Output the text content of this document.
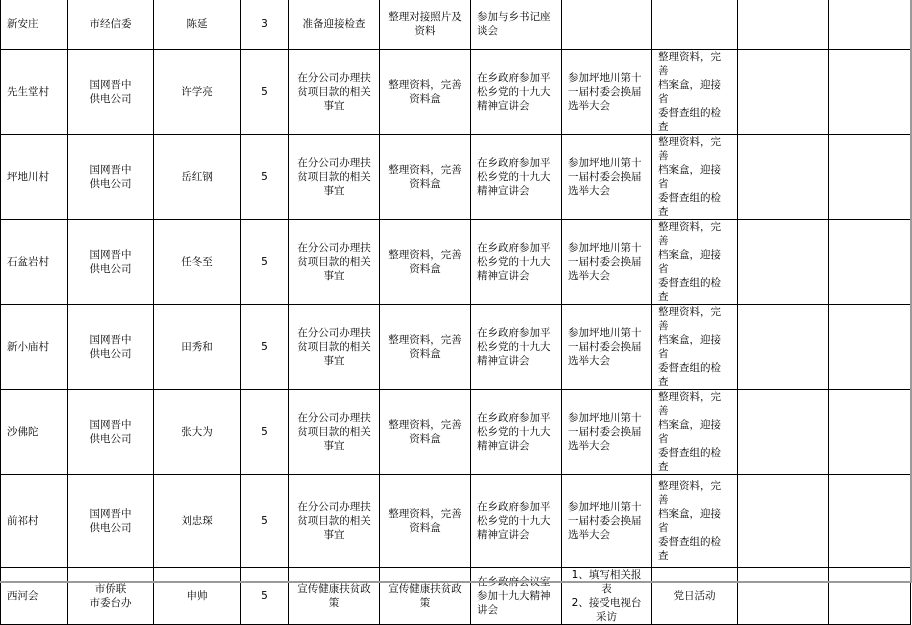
新安庄	市经信委	陈延	3	准备迎接检查	整理对接照片及
资料	参加与乡书记座
谈会				
先生堂村	国网晋中
供电公司	许学亮	5	在分公司办理扶
贫项目款的相关
事宜	整理资料，完善
资料盒	在乡政府参加平
松乡党的十九大
精神宣讲会	参加坪地川第十
一届村委会换届
选举大会	整理资料，完善
档案盒，迎接省
委督查组的检查		
坪地川村	国网晋中
供电公司	岳红钢	5	在分公司办理扶
贫项目款的相关
事宜	整理资料，完善
资料盒	在乡政府参加平
松乡党的十九大
精神宣讲会	参加坪地川第十
一届村委会换届
选举大会	整理资料，完善
档案盒，迎接省
委督查组的检查		
石盆岩村	国网晋中
供电公司	任冬至	5	在分公司办理扶
贫项目款的相关
事宜	整理资料，完善
资料盒	在乡政府参加平
松乡党的十九大
精神宣讲会	参加坪地川第十
一届村委会换届
选举大会	整理资料，完善
档案盒，迎接省
委督查组的检查		
新小庙村	国网晋中
供电公司	田秀和	5	在分公司办理扶
贫项目款的相关
事宜	整理资料，完善
资料盒	在乡政府参加平
松乡党的十九大
精神宣讲会	参加坪地川第十
一届村委会换届
选举大会	整理资料，完善
档案盒，迎接省
委督查组的检查		
沙佛陀	国网晋中
供电公司	张大为	5	在分公司办理扶
贫项目款的相关
事宜	整理资料，完善
资料盒	在乡政府参加平
松乡党的十九大
精神宣讲会	参加坪地川第十
一届村委会换届
选举大会	整理资料，完善
档案盒，迎接省
委督查组的检查		
前祁村	国网晋中
供电公司	刘忠琛	5	在分公司办理扶
贫项目款的相关
事宜	整理资料，完善
资料盒	在乡政府参加平
松乡党的十九大
精神宣讲会	参加坪地川第十
一届村委会换届
选举大会	整理资料，完善
档案盒，迎接省
委督查组的检查		
西河会	市侨联
市委台办	申帅	5	宣传健康扶贫政
策	宣传健康扶贫政
策	
参加十九大精神
讲会	1、填写相关报表
2、接受电视台
采访	党日活动		
